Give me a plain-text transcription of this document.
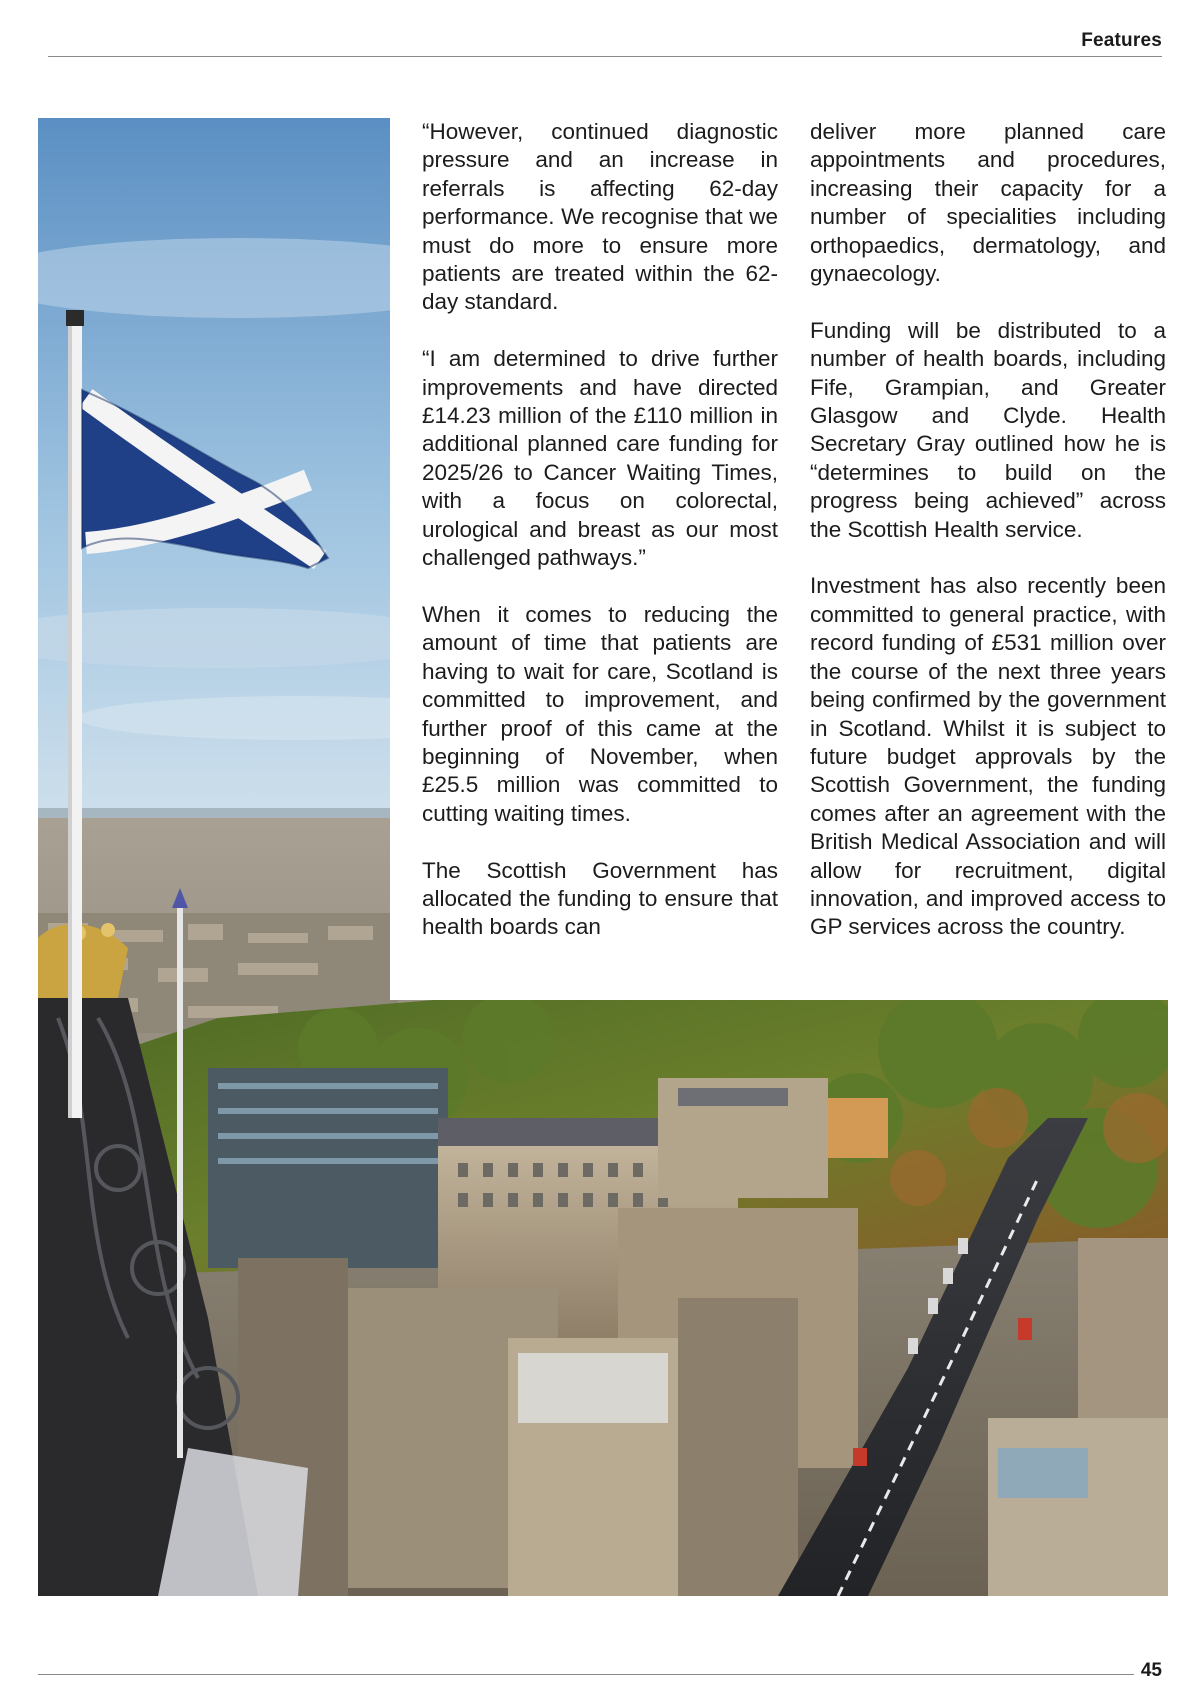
Features

“However, continued diagnostic pressure and an increase in referrals is affecting 62-day performance. We recognise that we must do more to ensure more patients are treated within the 62-day standard.

“I am determined to drive further improvements and have directed £14.23 million of the £110 million in additional planned care funding for 2025/26 to Cancer Waiting Times, with a focus on colorectal, urological and breast as our most challenged pathways.”

When it comes to reducing the amount of time that patients are having to wait for care, Scotland is committed to improvement, and further proof of this came at the beginning of November, when £25.5 million was committed to cutting waiting times.

The Scottish Government has allocated the funding to ensure that health boards can

deliver more planned care appointments and procedures, increasing their capacity for a number of specialities including orthopaedics, dermatology, and gynaecology.

Funding will be distributed to a number of health boards, including Fife, Grampian, and Greater Glasgow and Clyde. Health Secretary Gray outlined how he is “determines to build on the progress being achieved” across the Scottish Health service.

Investment has also recently been committed to general practice, with record funding of £531 million over the course of the next three years being confirmed by the government in Scotland. Whilst it is subject to future budget approvals by the Scottish Government, the funding comes after an agreement with the British Medical Association and will allow for recruitment, digital innovation, and improved access to GP services across the country.

45
